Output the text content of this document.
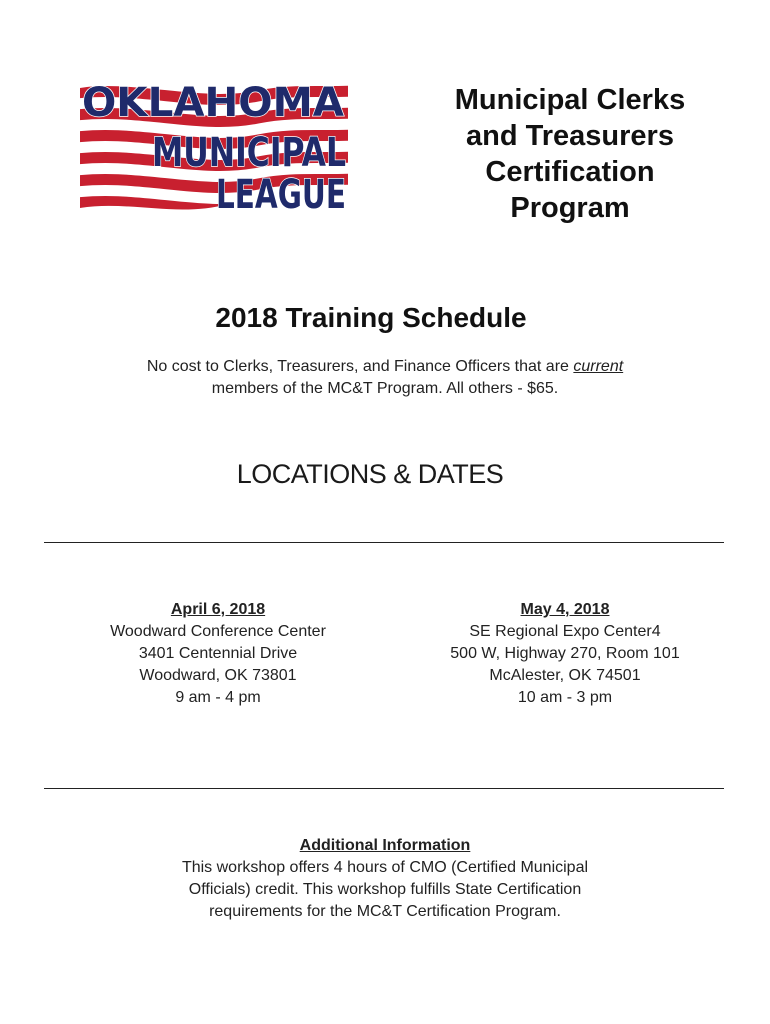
OKLAHOMA
MUNICIPAL
LEAGUE
Municipal Clerks
and Treasurers
Certification
Program
2018 Training Schedule
No cost to Clerks, Treasurers, and Finance Officers that are current
members of the MC&T Program. All others - $65.
LOCATIONS & DATES
April 6, 2018
Woodward Conference Center
3401 Centennial Drive
Woodward, OK 73801
9 am - 4 pm
May 4, 2018
SE Regional Expo Center4
500 W, Highway 270, Room 101
McAlester, OK 74501
10 am - 3 pm
Additional Information
This workshop offers 4 hours of CMO (Certified Municipal
Officials) credit. This workshop fulfills State Certification
requirements for the MC&T Certification Program.
